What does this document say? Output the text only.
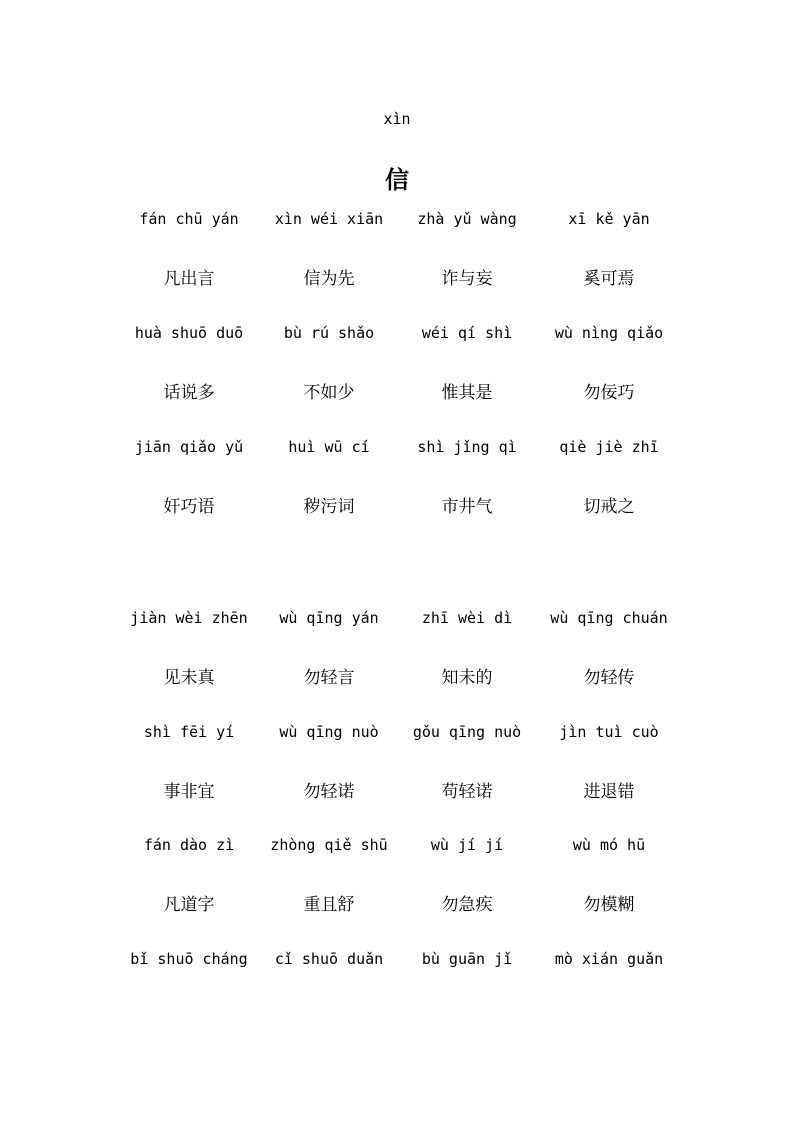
xìn
信
fán chū yán	xìn wéi xiān	zhà yǔ wàng	xī kě yān
凡出言	信为先	诈与妄	奚可焉
huà shuō duō	bù rú shǎo	wéi qí shì	wù nìng qiǎo
话说多	不如少	惟其是	勿佞巧
jiān qiǎo yǔ	huì wū cí	shì jǐng qì	qiè jiè zhī
奸巧语	秽污词	市井气	切戒之
jiàn wèi zhēn	wù qīng yán	zhī wèi dì	wù qīng chuán
见未真	勿轻言	知未的	勿轻传
shì fēi yí	wù qīng nuò	gǒu qīng nuò	jìn tuì cuò
事非宜	勿轻诺	苟轻诺	进退错
fán dào zì	zhòng qiě shū	wù jí jí	wù mó hū
凡道字	重且舒	勿急疾	勿模糊
bǐ shuō cháng	cǐ shuō duǎn	bù guān jǐ	mò xián guǎn
